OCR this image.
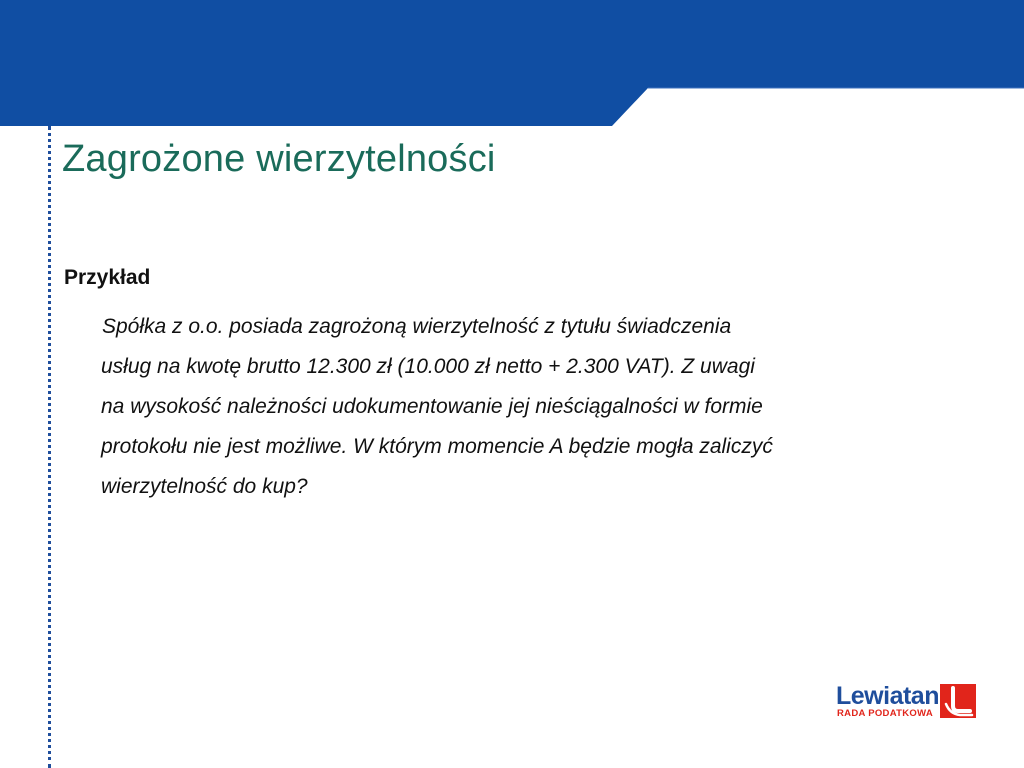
Zagrożone wierzytelności
Przykład
Spółka z o.o. posiada zagrożoną wierzytelność z tytułu świadczenia
usług na kwotę brutto 12.300 zł (10.000 zł netto + 2.300 VAT). Z uwagi
na wysokość należności udokumentowanie jej nieściągalności w formie
protokołu nie jest możliwe. W którym momencie A będzie mogła zaliczyć
wierzytelność do kup?
Lewiatan
RADA PODATKOWA
